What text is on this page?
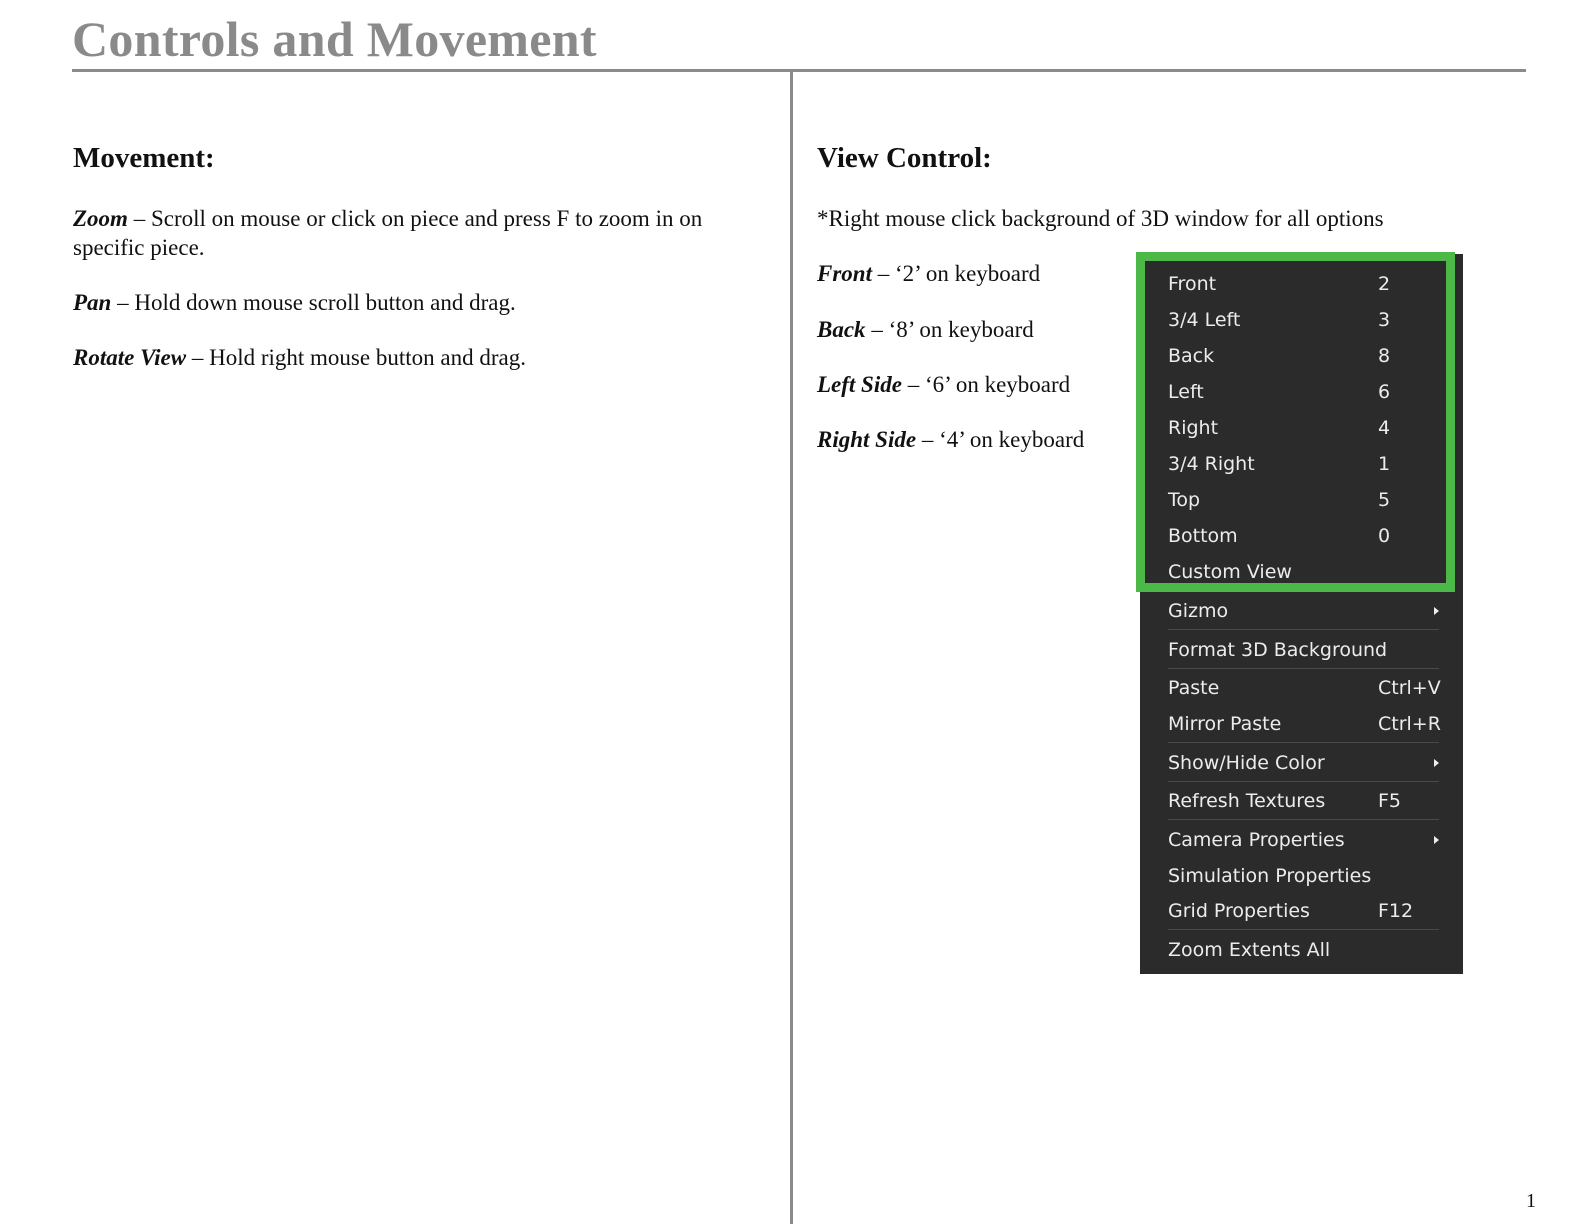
Controls and Movement
Movement:
Zoom – Scroll on mouse or click on piece and press F to zoom in on specific piece.
Pan – Hold down mouse scroll button and drag.
Rotate View – Hold right mouse button and drag.
View Control:
*Right mouse click background of 3D window for all options
Front – ‘2’ on keyboard
Back – ‘8’ on keyboard
Left Side – ‘6’ on keyboard
Right Side – ‘4’ on keyboard
Front	2
3/4 Left	3
Back	8
Left	6
Right	4
3/4 Right	1
Top	5
Bottom	0
Custom View
Gizmo
Format 3D Background
Paste	Ctrl+V
Mirror Paste	Ctrl+R
Show/Hide Color
Refresh Textures	F5
Camera Properties
Simulation Properties
Grid Properties	F12
Zoom Extents All
1
